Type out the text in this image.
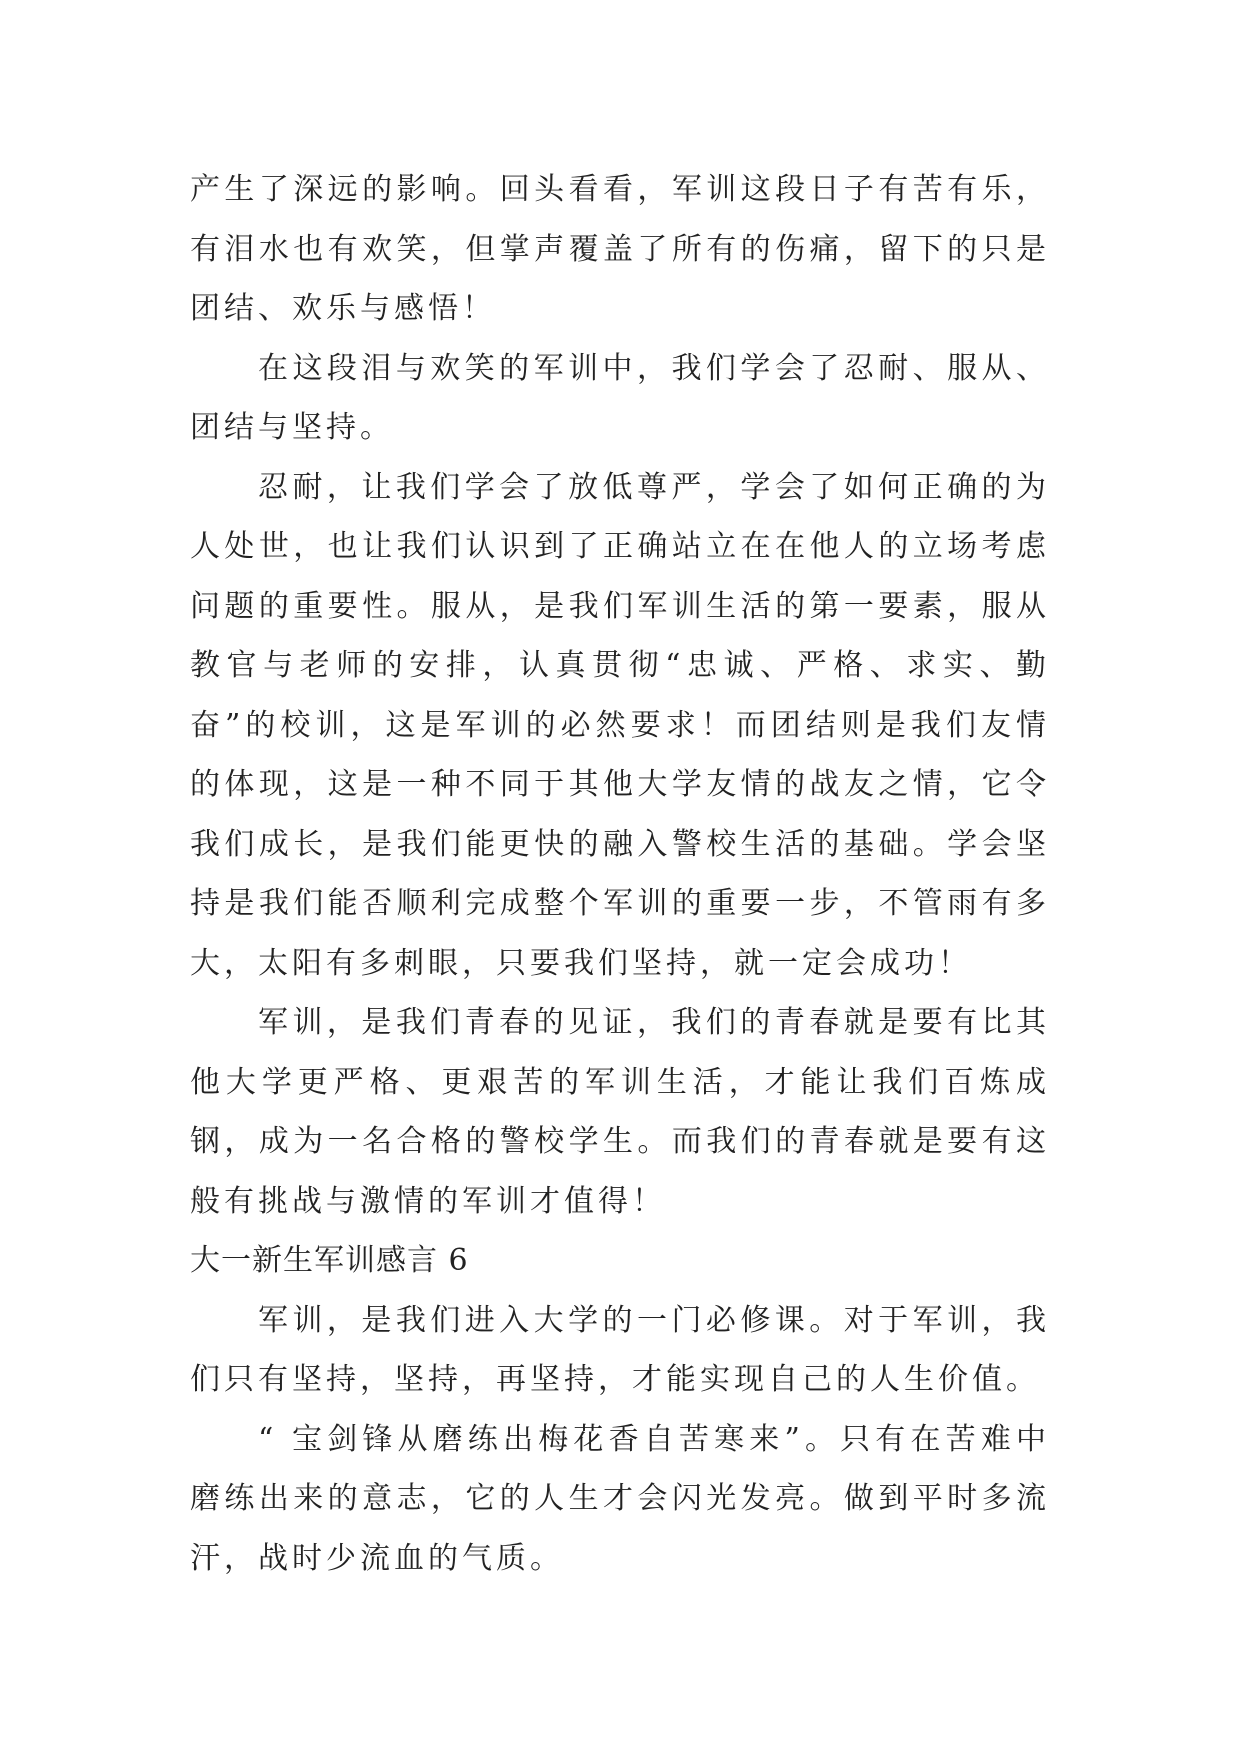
产生了深远的影响。回头看看，军训这段日子有苦有乐，有泪水也有欢笑，但掌声覆盖了所有的伤痛，留下的只是团结、欢乐与感悟！

在这段泪与欢笑的军训中，我们学会了忍耐、服从、团结与坚持。

忍耐，让我们学会了放低尊严，学会了如何正确的为人处世，也让我们认识到了正确站立在在他人的立场考虑问题的重要性。服从，是我们军训生活的第一要素，服从教官与老师的安排，认真贯彻“忠诚、严格、求实、勤奋”的校训，这是军训的必然要求！而团结则是我们友情的体现，这是一种不同于其他大学友情的战友之情，它令我们成长，是我们能更快的融入警校生活的基础。学会坚持是我们能否顺利完成整个军训的重要一步，不管雨有多大，太阳有多刺眼，只要我们坚持，就一定会成功！

军训，是我们青春的见证，我们的青春就是要有比其他大学更严格、更艰苦的军训生活，才能让我们百炼成钢，成为一名合格的警校学生。而我们的青春就是要有这般有挑战与激情的军训才值得！

大一新生军训感言 6

军训，是我们进入大学的一门必修课。对于军训，我们只有坚持，坚持，再坚持，才能实现自己的人生价值。

“ 宝剑锋从磨练出梅花香自苦寒来”。只有在苦难中磨练出来的意志，它的人生才会闪光发亮。做到平时多流汗，战时少流血的气质。
